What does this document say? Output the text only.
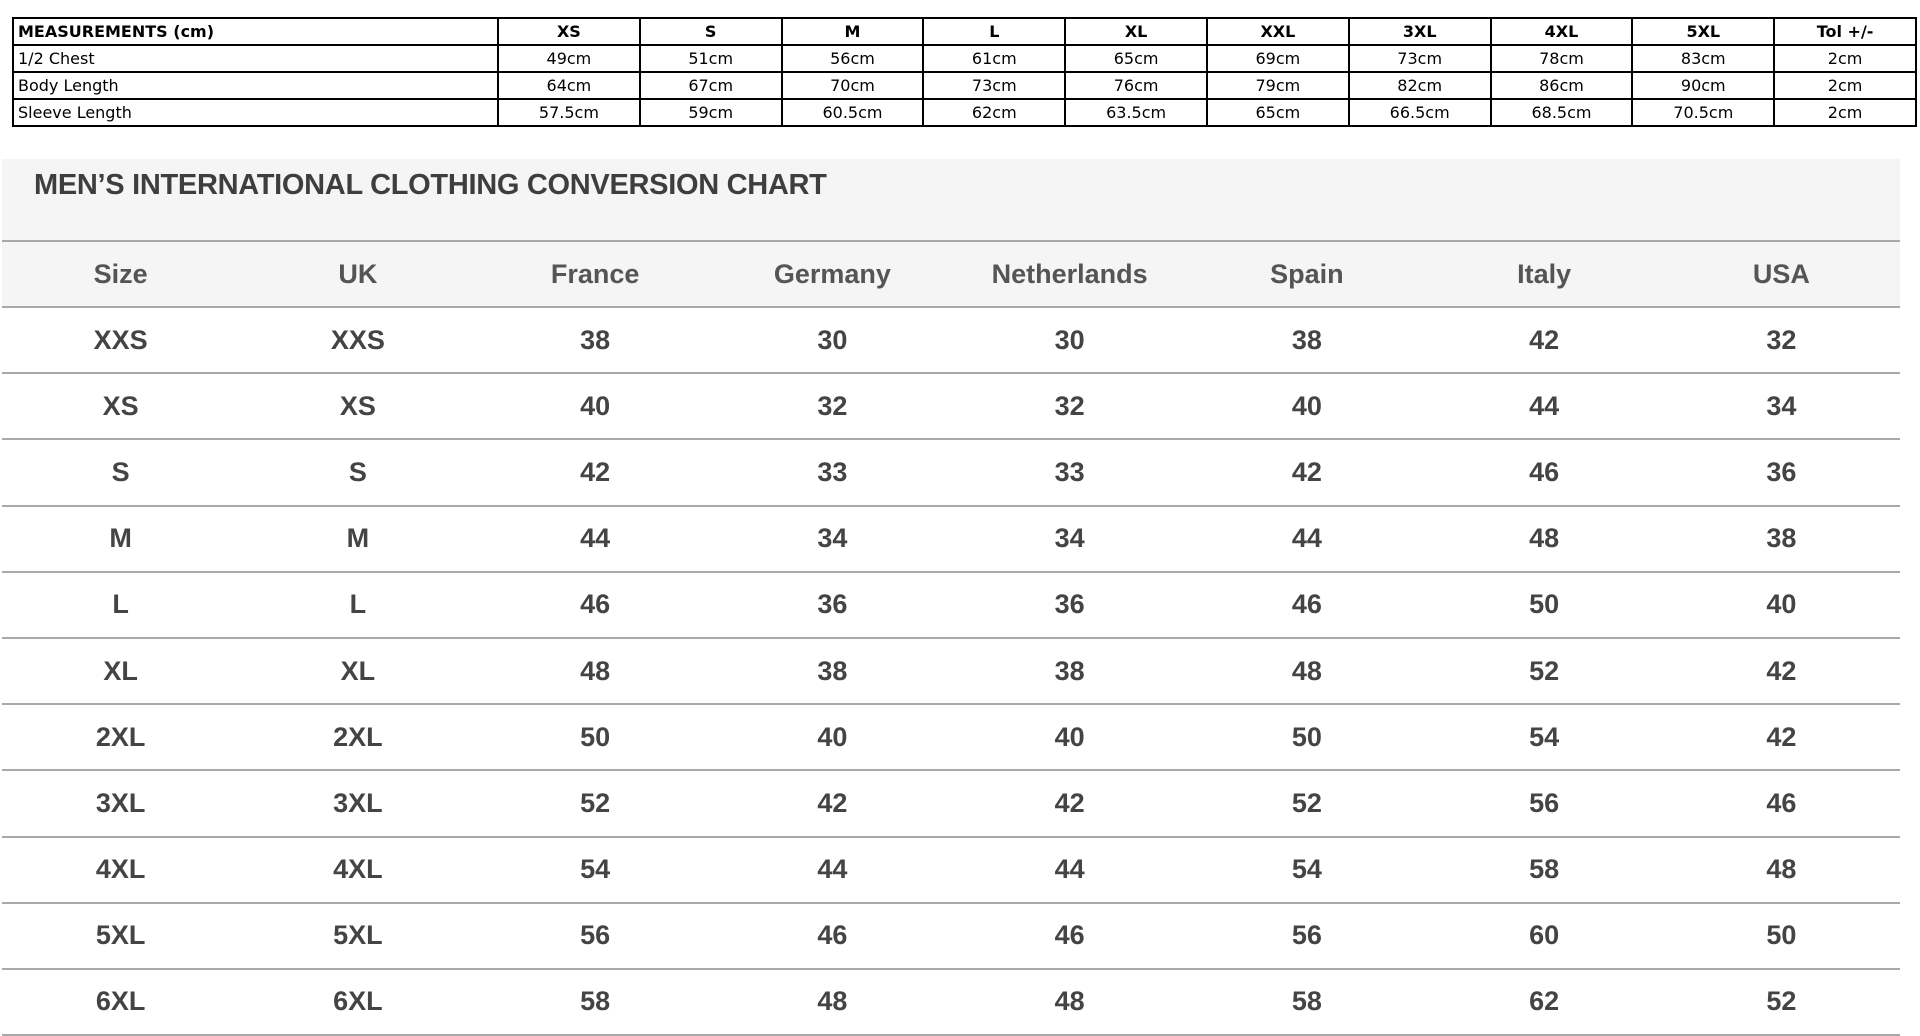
MEASUREMENTS (cm)	XS	S	M	L	XL	XXL	3XL	4XL	5XL	Tol +/-
1/2 Chest	49cm	51cm	56cm	61cm	65cm	69cm	73cm	78cm	83cm	2cm
Body Length	64cm	67cm	70cm	73cm	76cm	79cm	82cm	86cm	90cm	2cm
Sleeve Length	57.5cm	59cm	60.5cm	62cm	63.5cm	65cm	66.5cm	68.5cm	70.5cm	2cm
MEN’S INTERNATIONAL CLOTHING CONVERSION CHART
Size	UK	France	Germany	Netherlands	Spain	Italy	USA
XXS	XXS	38	30	30	38	42	32
XS	XS	40	32	32	40	44	34
S	S	42	33	33	42	46	36
M	M	44	34	34	44	48	38
L	L	46	36	36	46	50	40
XL	XL	48	38	38	48	52	42
2XL	2XL	50	40	40	50	54	42
3XL	3XL	52	42	42	52	56	46
4XL	4XL	54	44	44	54	58	48
5XL	5XL	56	46	46	56	60	50
6XL	6XL	58	48	48	58	62	52
